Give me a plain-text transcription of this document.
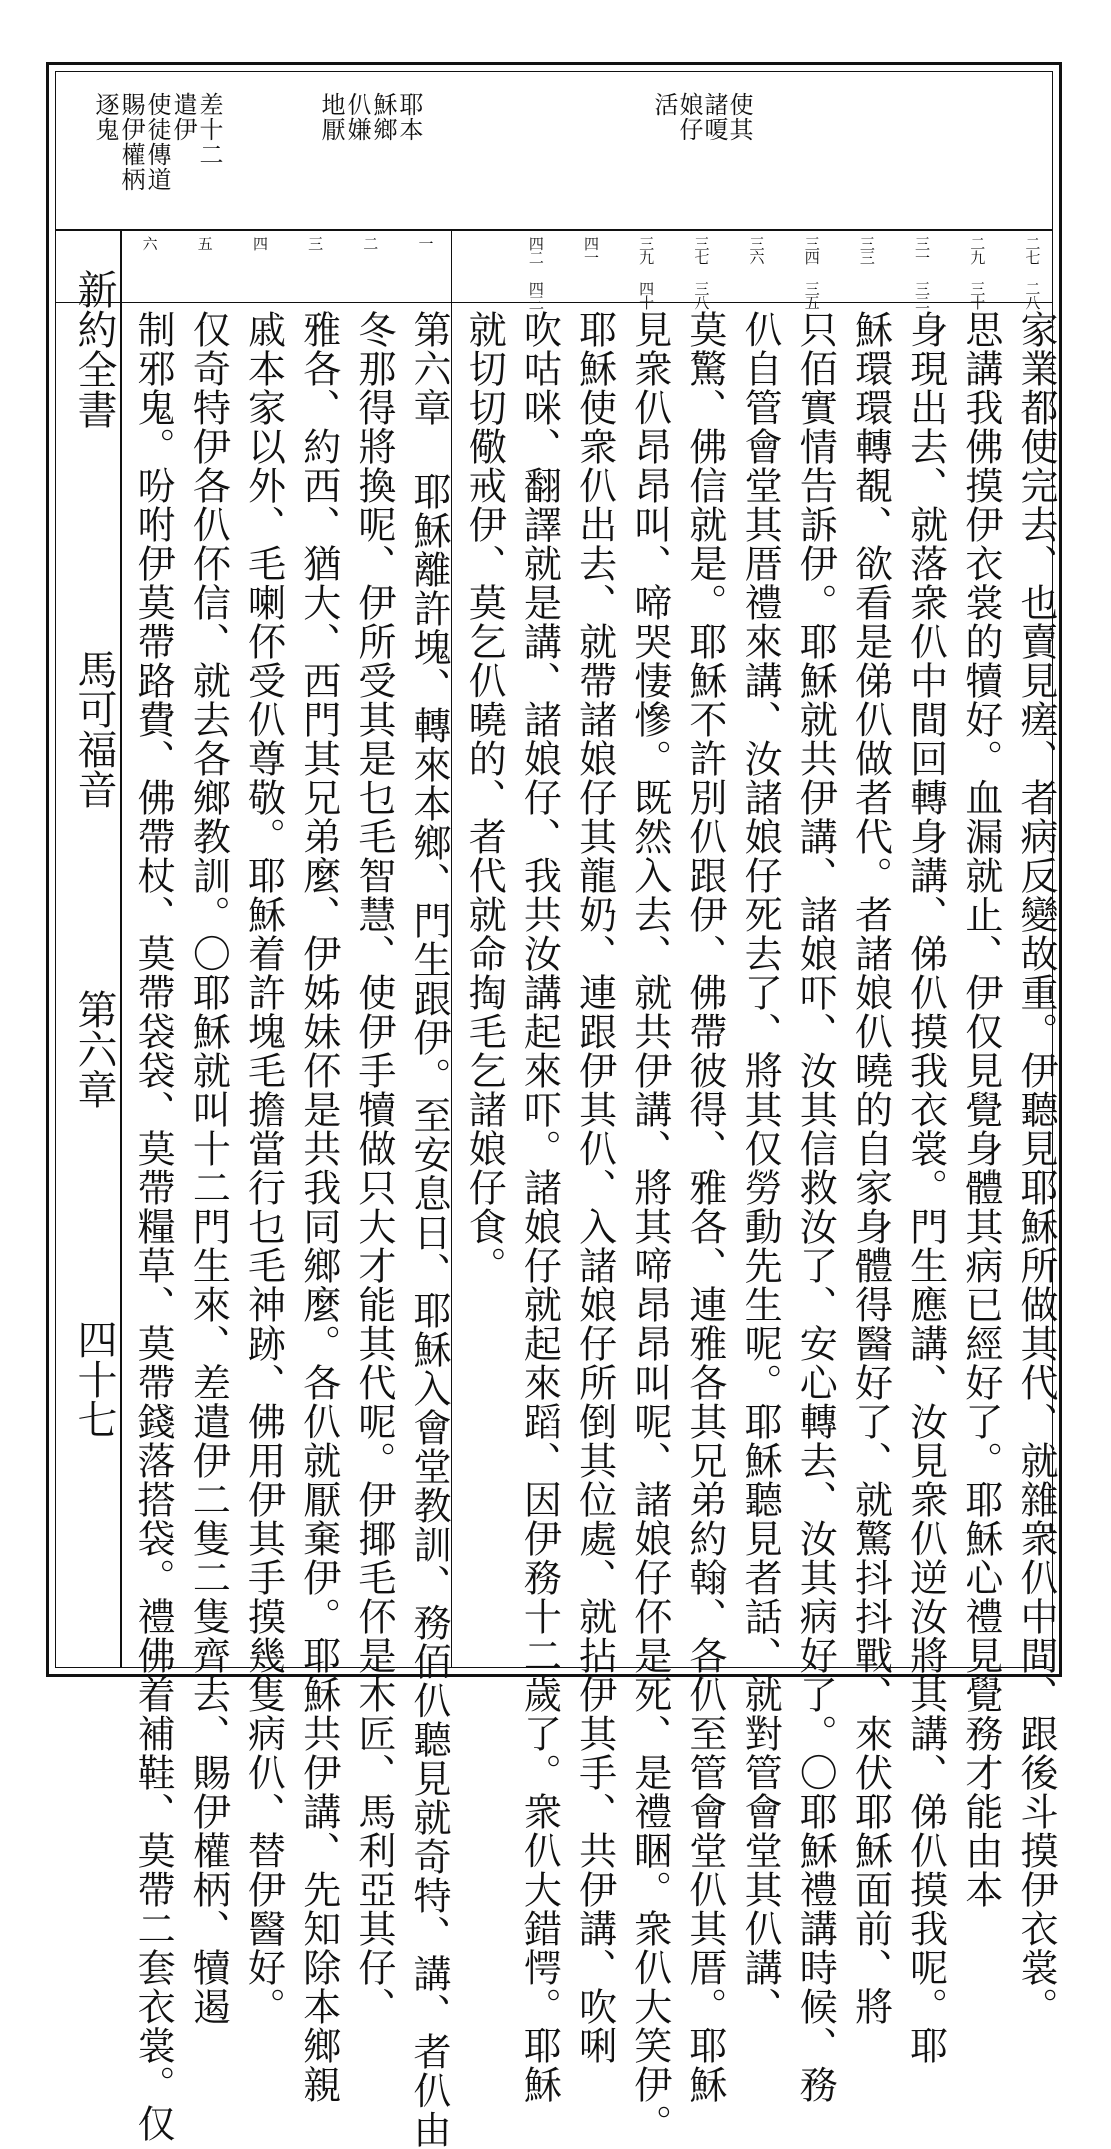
使其
諸嗄
娘仔
活
耶本
穌鄉
仈嫌
地厭
差十二
遣伊
使徒傳道
賜伊權柄
逐鬼
新約全書
馬可福音
第六章
四十七
二七 二八
二九 三十
三一 三二
三三
三四 三五
三六
三七 三八
三九 四十
四一
四二 四三
一
二
三
四
五
六
家業都使完去、也賣見瘥、者病反變故重。伊聽見耶穌所做其代、就雜衆仈中間、跟後斗摸伊衣裳。
思講我佛摸伊衣裳的犢好。血漏就止、伊仅見覺身體其病已經好了。耶穌心禮見覺務才能由本
身現出去、就落衆仈中間回轉身講、俤仈摸我衣裳。門生應講、汝見衆仈逆汝將其講、俤仈摸我呢。耶
穌環環轉覩、欲看是俤仈做者代。者諸娘仈曉的自家身體得醫好了、就驚抖抖戰、來伏耶穌面前、將
只佰實情告訴伊。耶穌就共伊講、諸娘吓、汝其信救汝了、安心轉去、汝其病好了。〇耶穌禮講時候、務
仈自管會堂其厝禮來講、汝諸娘仔死去了、將其仅勞動先生呢。耶穌聽見者話、就對管會堂其仈講、
莫驚、佛信就是。耶穌不許別仈跟伊、佛帶彼得、雅各、連雅各其兄弟約翰、各仈至管會堂仈其厝。耶穌
見衆仈昂昂叫、啼哭悽慘。既然入去、就共伊講、將其啼昂昂叫呢、諸娘仔伓是死、是禮睏。衆仈大笑伊。
耶穌使衆仈出去、就帶諸娘仔其龍奶、連跟伊其仈、入諸娘仔所倒其位處、就拈伊其手、共伊講、吹唎
吹咕咪、翻譯就是講、諸娘仔、我共汝講起來吓。諸娘仔就起來蹈、因伊務十二歲了。衆仈大錯愕。耶穌
就切切儆戒伊、莫乞仈曉的、者代就命掏毛乞諸娘仔食。
第六章 耶穌離許塊、轉來本鄉、門生跟伊。至安息日、耶穌入會堂教訓、務佰仈聽見就奇特、講、者仈由
冬那得將換呢、伊所受其是乜毛智慧、使伊手犢做只大才能其代呢。伊揶毛伓是木匠、馬利亞其仔、
雅各、約西、猶大、西門其兄弟麼、伊姊妹伓是共我同鄉麼。各仈就厭棄伊。耶穌共伊講、先知除本鄉親
戚本家以外、毛喇伓受仈尊敬。耶穌着許塊毛擔當行乜毛神跡、佛用伊其手摸幾隻病仈、替伊醫好。
仅奇特伊各仈伓信、就去各鄉教訓。〇耶穌就叫十二門生來、差遣伊二隻二隻齊去、賜伊權柄、犢遏
制邪鬼。吩咐伊莫帶路費、佛帶杖、莫帶袋袋、莫帶糧草、莫帶錢落搭袋。禮佛着補鞋、莫帶二套衣裳。仅
